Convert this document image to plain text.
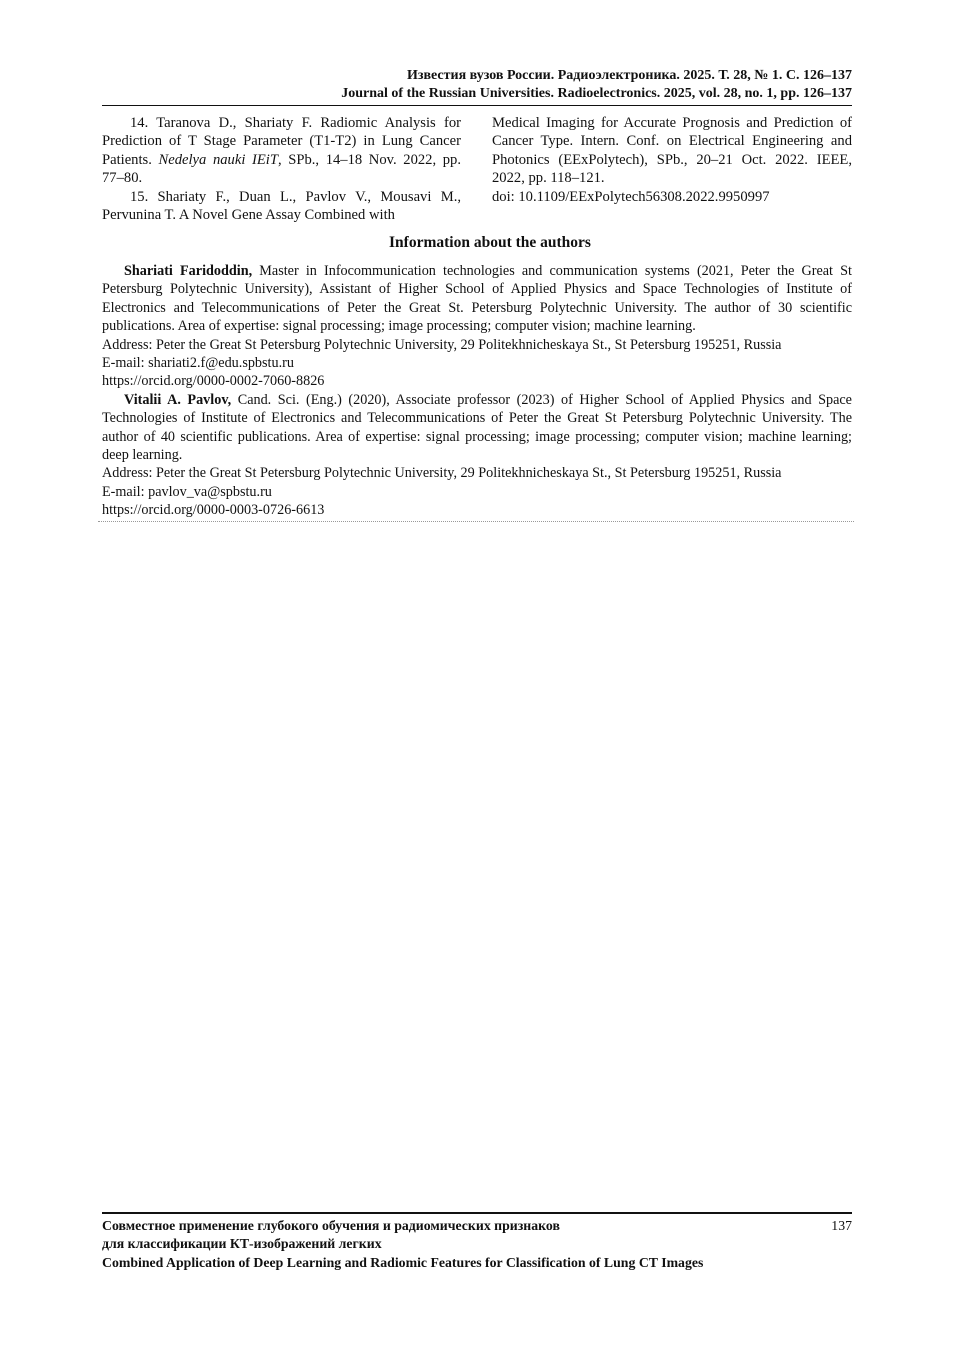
Известия вузов России. Радиоэлектроника. 2025. Т. 28, № 1. С. 126–137
Journal of the Russian Universities. Radioelectronics. 2025, vol. 28, no. 1, pp. 126–137
14. Taranova D., Shariaty F. Radiomic Analysis for Prediction of T Stage Parameter (T1-T2) in Lung Cancer Patients. Nedelya nauki IEiT, SPb., 14–18 Nov. 2022, pp. 77–80.
15. Shariaty F., Duan L., Pavlov V., Mousavi M., Pervunina T. A Novel Gene Assay Combined with
Medical Imaging for Accurate Prognosis and Prediction of Cancer Type. Intern. Conf. on Electrical Engineering and Photonics (EExPolytech), SPb., 20–21 Oct. 2022. IEEE, 2022, pp. 118–121.
doi: 10.1109/EExPolytech56308.2022.9950997
Information about the authors

Shariati Faridoddin, Master in Infocommunication technologies and communication systems (2021, Peter the Great St Petersburg Polytechnic University), Assistant of Higher School of Applied Physics and Space Technologies of Institute of Electronics and Telecommunications of Peter the Great St. Petersburg Polytechnic University. The author of 30 scientific publications. Area of expertise: signal processing; image processing; computer vision; machine learning.

Address: Peter the Great St Petersburg Polytechnic University, 29 Politekhnicheskaya St., St Petersburg 195251, Russia

E-mail: shariati2.f@edu.spbstu.ru

https://orcid.org/0000-0002-7060-8826

Vitalii A. Pavlov, Cand. Sci. (Eng.) (2020), Associate professor (2023) of Higher School of Applied Physics and Space Technologies of Institute of Electronics and Telecommunications of Peter the Great St Petersburg Polytechnic University. The author of 40 scientific publications. Area of expertise: signal processing; image processing; computer vision; machine learning; deep learning.

Address: Peter the Great St Petersburg Polytechnic University, 29 Politekhnicheskaya St., St Petersburg 195251, Russia

E-mail: pavlov_va@spbstu.ru

https://orcid.org/0000-0003-0726-6613

Совместное применение глубокого обучения и радиомических признаков
для классификации КТ-изображений легких
Combined Application of Deep Learning and Radiomic Features for Classification of Lung CT Images
137
